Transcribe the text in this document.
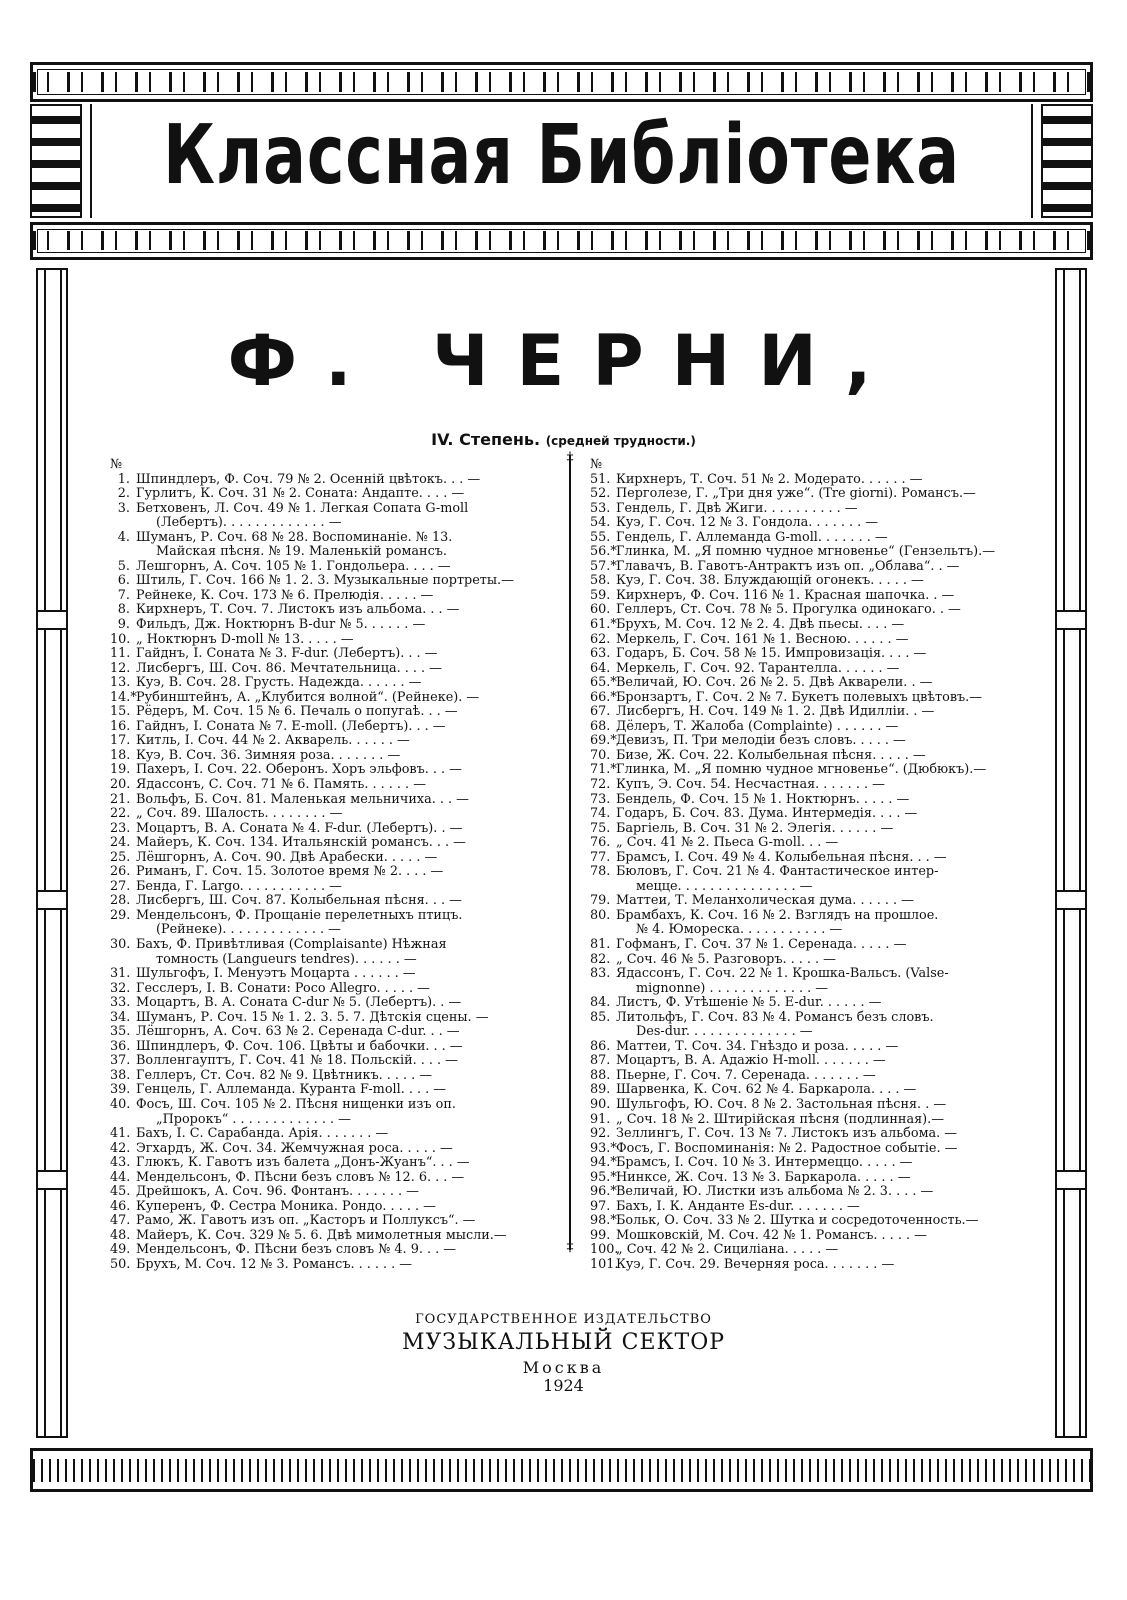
Классная Библіотека
Ф. ЧЕРНИ,
IV. Степень. (средней трудности.)
№
1. Шпиндлеръ, Ф. Соч. 79 № 2. Осенній цвѣтокъ. . . —
2. Гурлитъ, К. Соч. 31 № 2. Соната: Андапте. . . . —
3. Бетховенъ, Л. Соч. 49 № 1. Легкая Сопата G-moll
(Лебертъ). . . . . . . . . . . . . —
4. Шуманъ, Р. Соч. 68 № 28. Воспоминаніе. № 13.
Майская пѣсня. № 19. Маленькій романсъ.
5. Лешгорнъ, А. Соч. 105 № 1. Гондольера. . . . —
6. Штиль, Г. Соч. 166 № 1. 2. 3. Музыкальные портреты.—
7. Рейнеке, К. Соч. 173 № 6. Прелюдія. . . . . —
8. Кирхнеръ, Т. Соч. 7. Листокъ изъ альбома. . . —
9. Фильдъ, Дж. Ноктюрнъ B-dur № 5. . . . . . —
10. „ Ноктюрнъ D-moll № 13. . . . . —
11. Гайднъ, І. Соната № 3. F-dur. (Лебертъ). . . —
12. Лисбергъ, Ш. Соч. 86. Мечтательница. . . . —
13. Куэ, В. Соч. 28. Грусть. Надежда. . . . . . —
14.*Рубинштейнъ, А. „Клубится волной“. (Рейнеке). —
15. Рёдеръ, М. Соч. 15 № 6. Печаль о попугаѣ. . . —
16. Гайднъ, І. Соната № 7. E-moll. (Лебертъ). . . —
17. Китль, І. Соч. 44 № 2. Акварель. . . . . . —
18. Куэ, В. Соч. 36. Зимняя роза. . . . . . . —
19. Пахеръ, І. Соч. 22. Оберонъ. Хоръ эльфовъ. . . —
20. Ядассонъ, С. Соч. 71 № 6. Память. . . . . . —
21. Вольфъ, Б. Соч. 81. Маленькая мельничиха. . . —
22. „ Соч. 89. Шалость. . . . . . . . —
23. Моцартъ, В. А. Соната № 4. F-dur. (Лебертъ). . —
24. Майеръ, К. Соч. 134. Итальянскій романсъ. . . —
25. Лёшгорнъ, А. Соч. 90. Двѣ Арабески. . . . . —
26. Риманъ, Г. Соч. 15. Золотое время № 2. . . . —
27. Бенда, Г. Largo. . . . . . . . . . . —
28. Лисбергъ, Ш. Соч. 87. Колыбельная пѣсня. . . —
29. Мендельсонъ, Ф. Прощаніе перелетныхъ птицъ.
(Рейнеке). . . . . . . . . . . . . —
30. Бахъ, Ф. Привѣтливая (Complaisante) Нѣжная
томность (Langueurs tendres). . . . . . —
31. Шульгофъ, І. Менуэтъ Моцарта . . . . . . —
32. Гесслеръ, І. В. Сонати: Poco Allegro. . . . . —
33. Моцартъ, В. А. Соната C-dur № 5. (Лебертъ). . —
34. Шуманъ, Р. Соч. 15 № 1. 2. 3. 5. 7. Дѣтскія сцены. —
35. Лёшгорнъ, А. Соч. 63 № 2. Серенада C-dur. . . —
36. Шпиндлеръ, Ф. Соч. 106. Цвѣты и бабочки. . . —
37. Волленгауптъ, Г. Соч. 41 № 18. Польскій. . . . —
38. Геллеръ, Ст. Соч. 82 № 9. Цвѣтникъ. . . . . —
39. Генцель, Г. Аллеманда. Куранта F-moll. . . . —
40. Фосъ, Ш. Соч. 105 № 2. Пѣсня нищенки изъ оп.
„Пророкъ“ . . . . . . . . . . . . . —
41. Бахъ, І. С. Сарабанда. Арія. . . . . . . —
42. Эгхардъ, Ж. Соч. 34. Жемчужная роса. . . . . —
43. Глюкъ, К. Гавотъ изъ балета „Донъ-Жуанъ“. . . —
44. Мендельсонъ, Ф. Пѣсни безъ словъ № 12. 6. . . —
45. Дрейшокъ, А. Соч. 96. Фонтанъ. . . . . . . —
46. Куперенъ, Ф. Сестра Моника. Рондо. . . . . —
47. Рамо, Ж. Гавотъ изъ оп. „Касторъ и Поллуксъ“. —
48. Майеръ, К. Соч. 329 № 5. 6. Двѣ мимолетныя мысли.—
49. Мендельсонъ, Ф. Пѣсни безъ словъ № 4. 9. . . —
50. Брухъ, М. Соч. 12 № 3. Романсъ. . . . . . —
‡
‡
№
51. Кирхнеръ, Т. Соч. 51 № 2. Модерато. . . . . . —
52. Перголезе, Г. „Три дня уже“. (Tre giorni). Романсъ.—
53. Гендель, Г. Двѣ Жиги. . . . . . . . . . —
54. Куэ, Г. Соч. 12 № 3. Гондола. . . . . . . —
55. Гендель, Г. Аллеманда G-moll. . . . . . . —
56.*Глинка, М. „Я помню чудное мгновенье“ (Гензельтъ).—
57.*Главачъ, В. Гавотъ-Антрактъ изъ оп. „Облава“. . —
58. Куэ, Г. Соч. 38. Блуждающій огонекъ. . . . . —
59. Кирхнеръ, Ф. Соч. 116 № 1. Красная шапочка. . —
60. Геллеръ, Ст. Соч. 78 № 5. Прогулка одинокаго. . —
61.*Брухъ, М. Соч. 12 № 2. 4. Двѣ пьесы. . . . —
62. Меркель, Г. Соч. 161 № 1. Весною. . . . . . —
63. Годаръ, Б. Соч. 58 № 15. Импровизація. . . . —
64. Меркель, Г. Соч. 92. Тарантелла. . . . . . —
65.*Величай, Ю. Соч. 26 № 2. 5. Двѣ Акварели. . —
66.*Бронзартъ, Г. Соч. 2 № 7. Букетъ полевыхъ цвѣтовъ.—
67. Лисбергъ, Н. Соч. 149 № 1. 2. Двѣ Идилліи. . —
68. Дёлеръ, Т. Жалоба (Complainte) . . . . . . —
69.*Девизъ, П. Три мелодіи безъ словъ. . . . . —
70. Бизе, Ж. Соч. 22. Колыбельная пѣсня. . . . . —
71.*Глинка, М. „Я помню чудное мгновенье“. (Дюбюкъ).—
72. Купъ, Э. Соч. 54. Несчастная. . . . . . . —
73. Бендель, Ф. Соч. 15 № 1. Ноктюрнъ. . . . . —
74. Годаръ, Б. Соч. 83. Дума. Интермедія. . . . —
75. Баргіель, В. Соч. 31 № 2. Элегія. . . . . . —
76. „ Соч. 41 № 2. Пьеса G-moll. . . —
77. Брамсъ, І. Соч. 49 № 4. Колыбельная пѣсня. . . —
78. Бюловъ, Г. Соч. 21 № 4. Фантастическое интер-
мецце. . . . . . . . . . . . . . . —
79. Маттеи, Т. Меланхолическая дума. . . . . . —
80. Брамбахъ, К. Соч. 16 № 2. Взглядъ на прошлое.
№ 4. Юмореска. . . . . . . . . . . —
81. Гофманъ, Г. Соч. 37 № 1. Серенада. . . . . —
82. „ Соч. 46 № 5. Разговоръ. . . . . —
83. Ядассонъ, Г. Соч. 22 № 1. Крошка-Вальсъ. (Valse-
mignonne) . . . . . . . . . . . . . —
84. Листъ, Ф. Утѣшеніе № 5. E-dur. . . . . . —
85. Литольфъ, Г. Соч. 83 № 4. Романсъ безъ словъ.
Des-dur. . . . . . . . . . . . . . —
86. Маттеи, Т. Соч. 34. Гнѣздо и роза. . . . . —
87. Моцартъ, В. А. Адажіо H-moll. . . . . . . —
88. Пьерне, Г. Соч. 7. Серенада. . . . . . . —
89. Шарвенка, К. Соч. 62 № 4. Баркарола. . . . —
90. Шульгофъ, Ю. Соч. 8 № 2. Застольная пѣсня. . —
91. „ Соч. 18 № 2. Штирійская пѣсня (подлинная).—
92. Зеллингъ, Г. Соч. 13 № 7. Листокъ изъ альбома. —
93.*Фосъ, Г. Воспоминанія: № 2. Радостное событіе. —
94.*Брамсъ, І. Соч. 10 № 3. Интермеццо. . . . . —
95.*Нинксе, Ж. Соч. 13 № 3. Баркарола. . . . . —
96.*Величай, Ю. Листки изъ альбома № 2. 3. . . . —
97. Бахъ, І. К. Анданте Es-dur. . . . . . . —
98.*Больк, О. Соч. 33 № 2. Шутка и сосредоточенность.—
99. Мошковскій, М. Соч. 42 № 1. Романсъ. . . . . —
100.„ Соч. 42 № 2. Сициліана. . . . . —
101.Куэ, Г. Соч. 29. Вечерняя роса. . . . . . . —
ГОСУДАРСТВЕННОЕ ИЗДАТЕЛЬСТВО
МУЗЫКАЛЬНЫЙ СЕКТОР
Москва
1924
